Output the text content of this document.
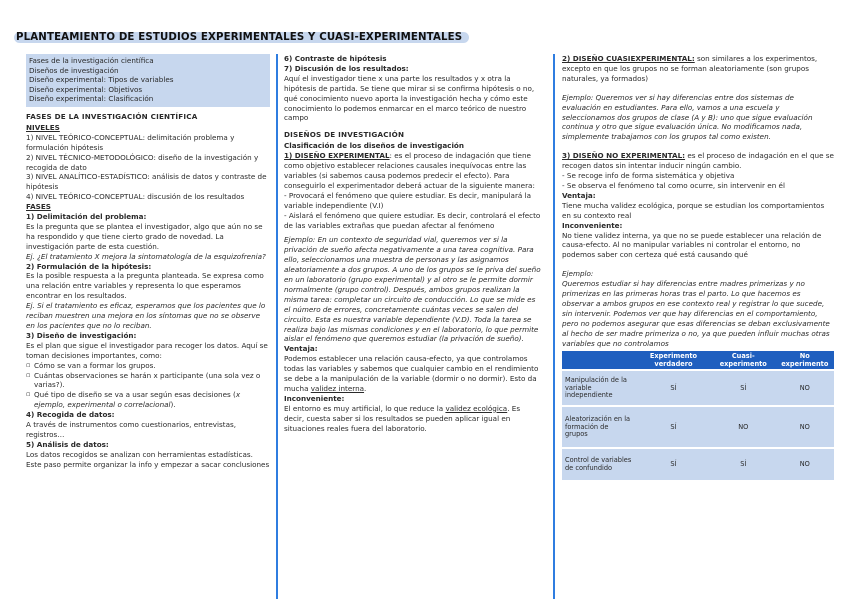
PLANTEAMIENTO DE ESTUDIOS EXPERIMENTALES Y CUASI-EXPERIMENTALES
Fases de la investigación científica
Diseños de investigación
Diseño experimental: Tipos de variables
Diseño experimental: Objetivos
Diseño experimental: Clasificación
FASES DE LA INVESTIGACIÓN CIENTÍFICA

NIVELES

1) NIVEL TEÓRICO-CONCEPTUAL: delimitación problema y formulación hipótesis

2) NIVEL TÉCNICO-METODOLÓGICO: diseño de la investigación y recogida de dato

3) NIVEL ANALÍTICO-ESTADÍSTICO: análisis de datos y contraste de hipótesis

4) NIVEL TEÓRICO-CONCEPTUAL: discusión de los resultados

FASES

1) Delimitación del problema:

Es la pregunta que se plantea el investigador, algo que aún no se ha respondido y que tiene cierto grado de novedad. La investigación parte de esta cuestión.

Ej. ¿El tratamiento X mejora la sintomatología de la esquizofrenia?

2) Formulación de la hipótesis:

Es la posible respuesta a la pregunta planteada. Se expresa como una relación entre variables y representa lo que esperamos encontrar en los resultados.

Ej. Si el tratamiento es eficaz, esperamos que los pacientes que lo reciban muestren una mejora en los síntomas que no se observe en los pacientes que no lo reciban.

3) Diseño de investigación:

Es el plan que sigue el investigador para recoger los datos. Aquí se toman decisiones importantes, como:

▫ Cómo se van a formar los grupos.

▫ Cuántas observaciones se harán x participante (una sola vez o varias?).

▫ Qué tipo de diseño se va a usar según esas decisiones (x ejemplo, experimental o correlacional).

4) Recogida de datos:

A través de instrumentos como cuestionarios, entrevistas, registros…

5) Análisis de datos:

Los datos recogidos se analizan con herramientas estadísticas. Este paso permite organizar la info y empezar a sacar conclusiones

6) Contraste de hipótesis

7) Discusión de los resultados:

Aquí el investigador tiene x una parte los resultados y x otra la hipótesis de partida. Se tiene que mirar si se confirma hipótesis o no, qué conocimiento nuevo aporta la investigación hecha y cómo este conocimiento lo podemos enmarcar en el marco teórico de nuestro campo

DISEÑOS DE INVESTIGACIÓN

Clasificación de los diseños de investigación

1) DISEÑO EXPERIMENTAL: es el proceso de indagación que tiene como objetivo establecer relaciones causales inequívocas entre las variables (si sabemos causa podemos predecir el efecto). Para conseguirlo el experimentador deberá actuar de la siguiente manera:

- Provocará el fenómeno que quiere estudiar. Es decir, manipulará la variable independiente (V.I)

- Aislará el fenómeno que quiere estudiar. Es decir, controlará el efecto de las variables extrañas que puedan afectar al fenómeno

Ejemplo: En un contexto de seguridad vial, queremos ver si la privación de sueño afecta negativamente a una tarea cognitiva. Para ello, seleccionamos una muestra de personas y las asignamos aleatoriamente a dos grupos. A uno de los grupos se le priva del sueño en un laboratorio (grupo experimental) y al otro se le permite dormir normalmente (grupo control). Después, ambos grupos realizan la misma tarea: completar un circuito de conducción. Lo que se mide es el número de errores, concretamente cuántas veces se salen del circuito. Esta es nuestra variable dependiente (V.D). Toda la tarea se realiza bajo las mismas condiciones y en el laboratorio, lo que permite aislar el fenómeno que queremos estudiar (la privación de sueño).

Ventaja:

Podemos establecer una relación causa-efecto, ya que controlamos todas las variables y sabemos que cualquier cambio en el rendimiento se debe a la manipulación de la variable (dormir o no dormir). Esto da mucha validez interna.

Inconveniente:

El entorno es muy artificial, lo que reduce la validez ecológica. Es decir, cuesta saber si los resultados se pueden aplicar igual en situaciones reales fuera del laboratorio.

2) DISEÑO CUASIEXPERIMENTAL: son similares a los experimentos, excepto en que los grupos no se forman aleatoriamente (son grupos naturales, ya formados)

Ejemplo: Queremos ver si hay diferencias entre dos sistemas de evaluación en estudiantes. Para ello, vamos a una escuela y seleccionamos dos grupos de clase (A y B): uno que sigue evaluación continua y otro que sigue evaluación única. No modificamos nada, simplemente trabajamos con los grupos tal como existen.

3) DISEÑO NO EXPERIMENTAL: es el proceso de indagación en el que se recogen datos sin intentar inducir ningún cambio.

- Se recoge info de forma sistemática y objetiva

- Se observa el fenómeno tal como ocurre, sin intervenir en él

Ventaja:

Tiene mucha validez ecológica, porque se estudian los comportamientos en su contexto real

Inconveniente:

No tiene validez interna, ya que no se puede establecer una relación de causa-efecto. Al no manipular variables ni controlar el entorno, no podemos saber con certeza qué está causando qué

Ejemplo:

Queremos estudiar si hay diferencias entre madres primerizas y no primerizas en las primeras horas tras el parto. Lo que hacemos es observar a ambos grupos en ese contexto real y registrar lo que sucede, sin intervenir. Podemos ver que hay diferencias en el comportamiento, pero no podemos asegurar que esas diferencias se deban exclusivamente al hecho de ser madre primeriza o no, ya que pueden influir muchas otras variables que no controlamos

	Experimento verdadero	Cuasi-experimento	No experimento
Manipulación de la variable independiente	SÍ	SÍ	NO
Aleatorización en la formación de grupos	SÍ	NO	NO
Control de variables de confundido	SÍ	SÍ	NO
